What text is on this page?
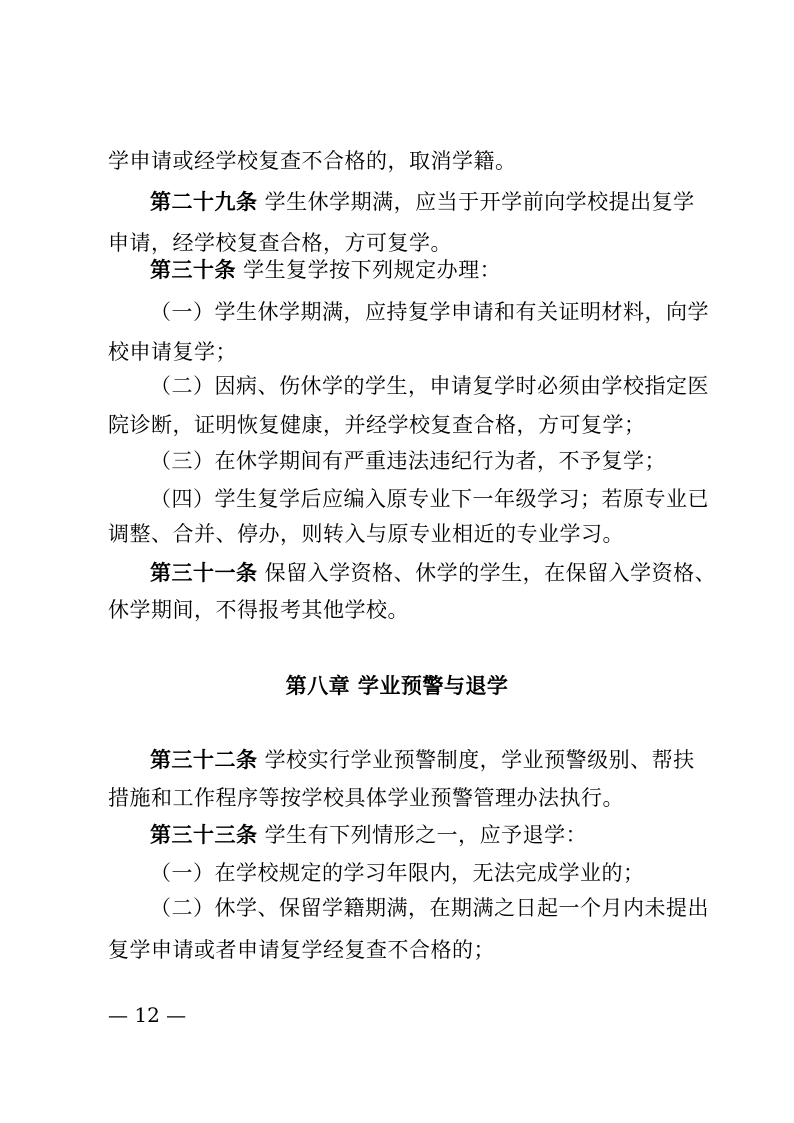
学申请或经学校复查不合格的，取消学籍。
第二十九条 学生休学期满，应当于开学前向学校提出复学
申请，经学校复查合格，方可复学。
第三十条 学生复学按下列规定办理：
（一）学生休学期满，应持复学申请和有关证明材料，向学
校申请复学；
（二）因病、伤休学的学生，申请复学时必须由学校指定医
院诊断，证明恢复健康，并经学校复查合格，方可复学；
（三）在休学期间有严重违法违纪行为者，不予复学；
（四）学生复学后应编入原专业下一年级学习；若原专业已
调整、合并、停办，则转入与原专业相近的专业学习。
第三十一条 保留入学资格、休学的学生，在保留入学资格、
休学期间，不得报考其他学校。
第八章 学业预警与退学
第三十二条 学校实行学业预警制度，学业预警级别、帮扶
措施和工作程序等按学校具体学业预警管理办法执行。
第三十三条 学生有下列情形之一，应予退学：
（一）在学校规定的学习年限内，无法完成学业的；
（二）休学、保留学籍期满，在期满之日起一个月内未提出
复学申请或者申请复学经复查不合格的；
— 12 —
